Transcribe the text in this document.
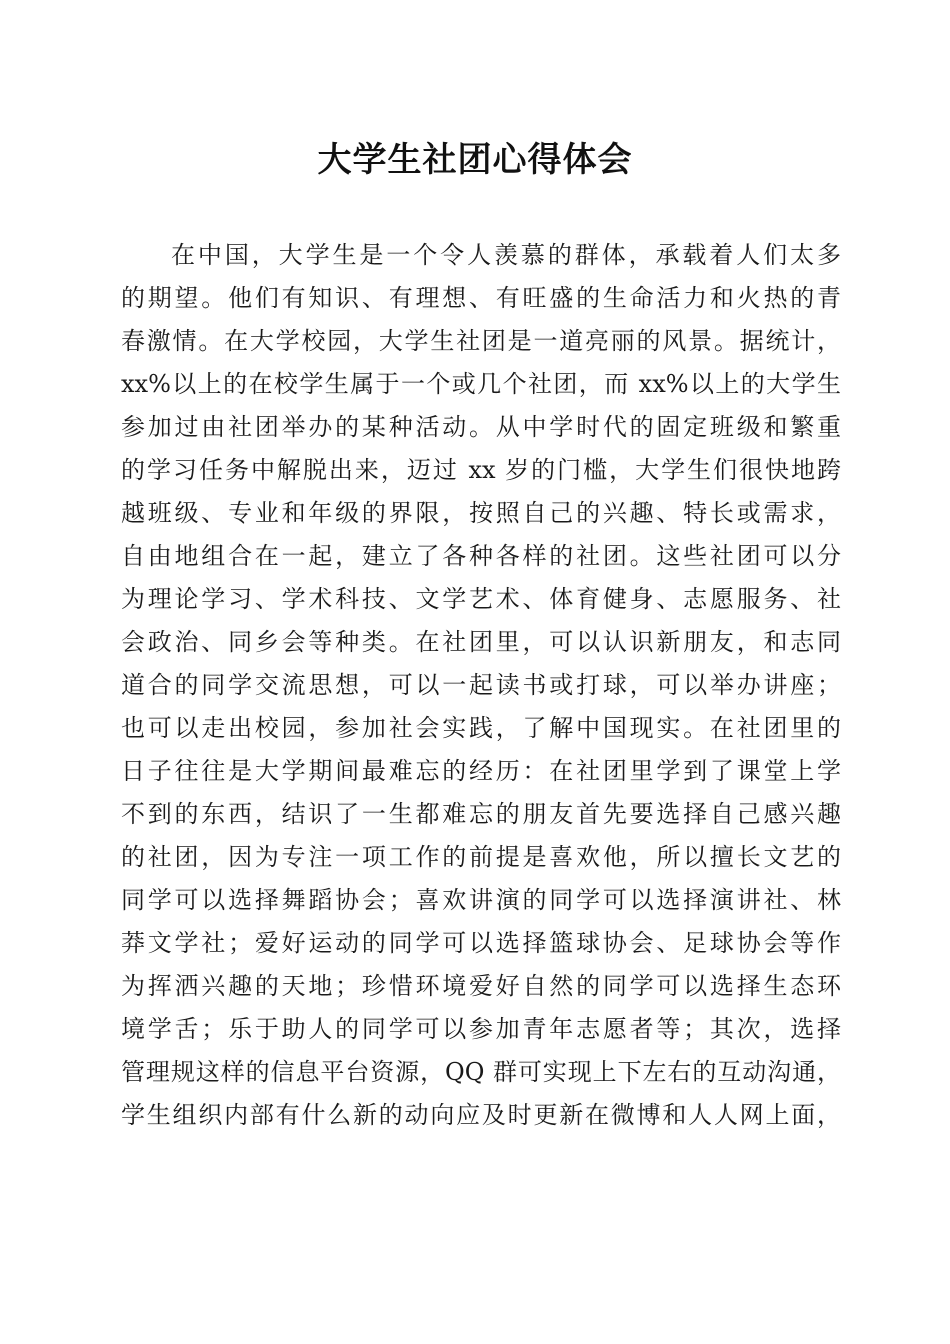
大学生社团心得体会
在中国，大学生是一个令人羡慕的群体，承载着人们太多
的期望。他们有知识、有理想、有旺盛的生命活力和火热的青
春激情。在大学校园，大学生社团是一道亮丽的风景。据统计，
xx%以上的在校学生属于一个或几个社团，而 xx%以上的大学生
参加过由社团举办的某种活动。从中学时代的固定班级和繁重
的学习任务中解脱出来，迈过 xx 岁的门槛，大学生们很快地跨
越班级、专业和年级的界限，按照自己的兴趣、特长或需求，
自由地组合在一起，建立了各种各样的社团。这些社团可以分
为理论学习、学术科技、文学艺术、体育健身、志愿服务、社
会政治、同乡会等种类。在社团里，可以认识新朋友，和志同
道合的同学交流思想，可以一起读书或打球，可以举办讲座；
也可以走出校园，参加社会实践，了解中国现实。在社团里的
日子往往是大学期间最难忘的经历：在社团里学到了课堂上学
不到的东西，结识了一生都难忘的朋友首先要选择自己感兴趣
的社团，因为专注一项工作的前提是喜欢他，所以擅长文艺的
同学可以选择舞蹈协会；喜欢讲演的同学可以选择演讲社、林
莽文学社；爱好运动的同学可以选择篮球协会、足球协会等作
为挥洒兴趣的天地；珍惜环境爱好自然的同学可以选择生态环
境学舌；乐于助人的同学可以参加青年志愿者等；其次，选择
管理规这样的信息平台资源，QQ 群可实现上下左右的互动沟通，
学生组织内部有什么新的动向应及时更新在微博和人人网上面，
